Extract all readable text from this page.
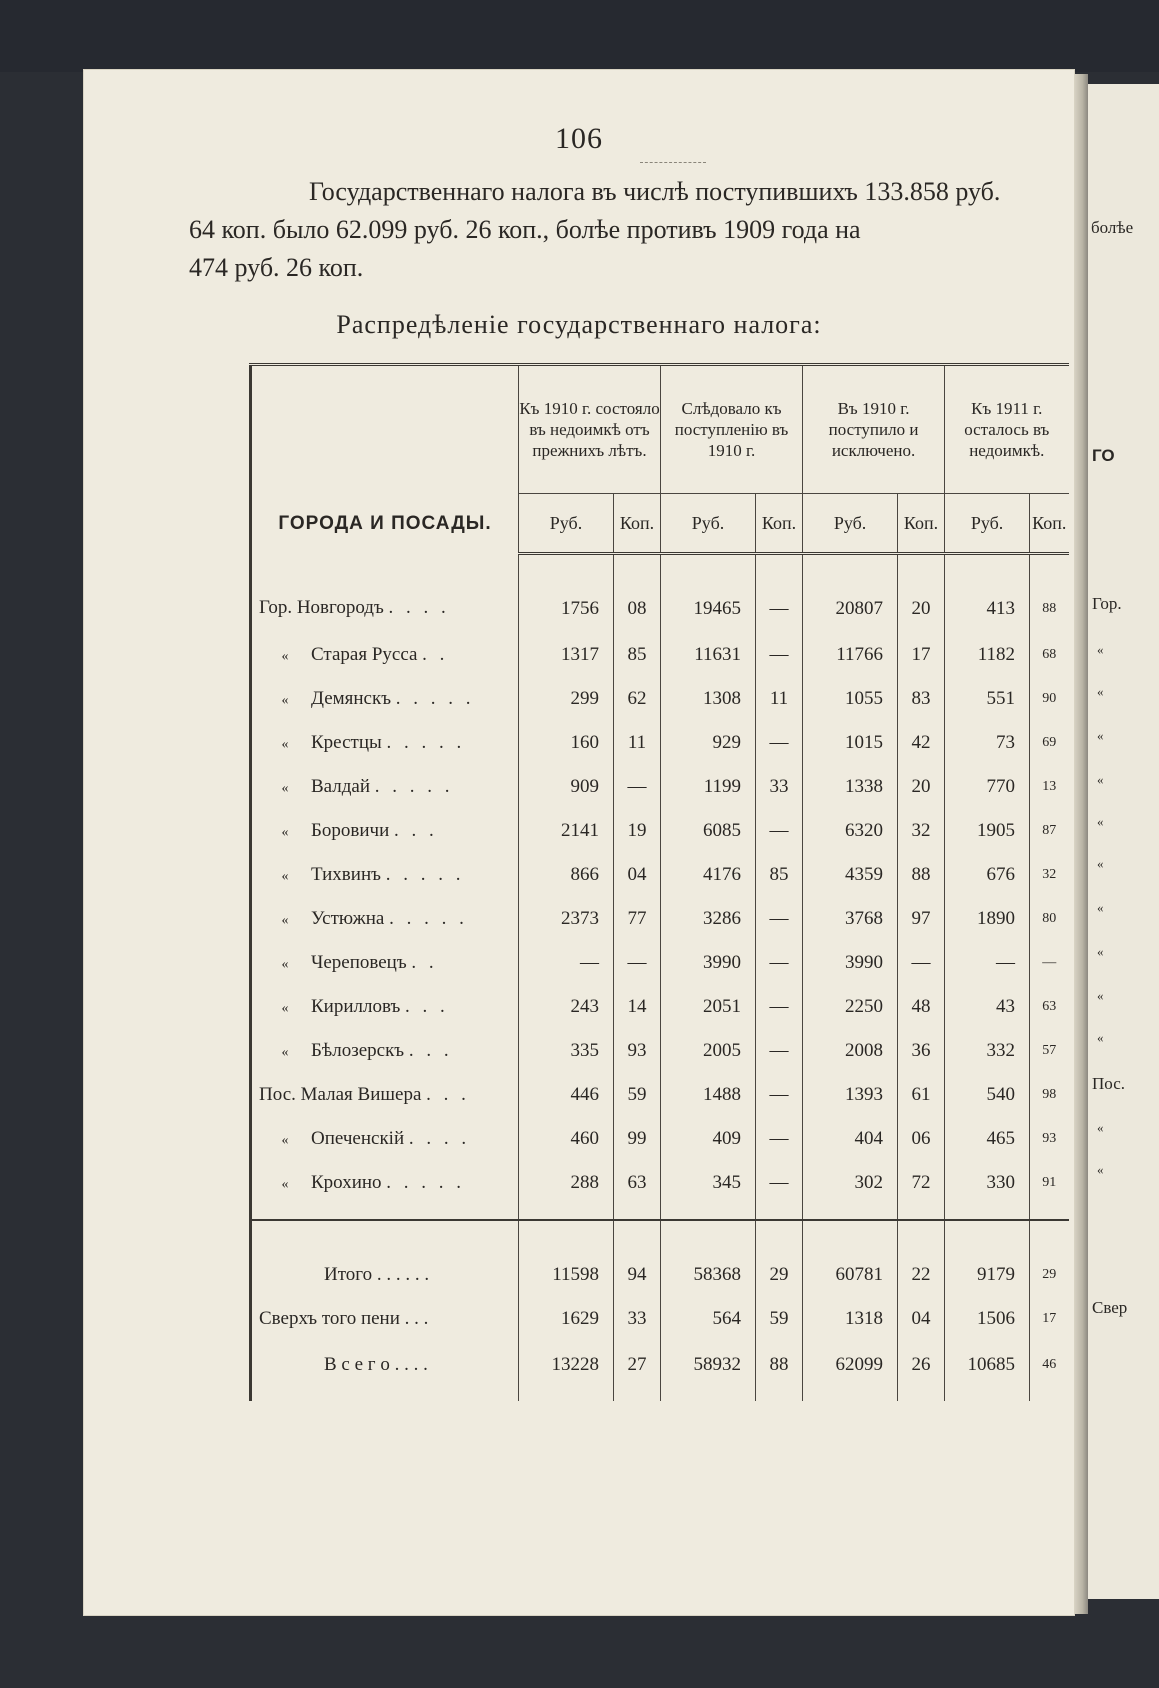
болѣе
ГО
Гор.
«
«
«
«
«
«
«
«
«
«
Пос.
«
«
Свер
106

Государственнаго налога въ числѣ поступившихъ 133.858 руб.
64 коп. было 62.099 руб. 26 коп., болѣе противъ 1909 года на
474 руб. 26 коп.

Распредѣленіе государственнаго налога:
ГОРОДА И ПОСАДЫ.	Къ 1910 г. состояло въ недоимкѣ отъ прежнихъ лѣтъ.		Слѣдовало къ поступленію въ 1910 г.		Въ 1910 г. поступило и исключено.		Къ 1911 г. осталось въ недоимкѣ.	
	Руб.	Коп.	Руб.	Коп.	Руб.	Коп.	Руб.	Коп.
Гор. Новгородъ . . . .	1756	08	19465	—	20807	20	413	88
« Старая Русса . .	1317	85	11631	—	11766	17	1182	68
« Демянскъ . . . . .	299	62	1308	11	1055	83	551	90
« Крестцы . . . . .	160	11	929	—	1015	42	73	69
« Валдай . . . . .	909	—	1199	33	1338	20	770	13
« Боровичи . . .	2141	19	6085	—	6320	32	1905	87
« Тихвинъ . . . . .	866	04	4176	85	4359	88	676	32
« Устюжна . . . . .	2373	77	3286	—	3768	97	1890	80
« Череповецъ . .	—	—	3990	—	3990	—	—	—
« Кирилловъ . . .	243	14	2051	—	2250	48	43	63
« Бѣлозерскъ . . .	335	93	2005	—	2008	36	332	57
Пос. Малая Вишера . . .	446	59	1488	—	1393	61	540	98
« Опеченскій . . . .	460	99	409	—	404	06	465	93
« Крохино . . . . .	288	63	345	—	302	72	330	91
Итого . . . . . .	11598	94	58368	29	60781	22	9179	29
Сверхъ того пени . . .	1629	33	564	59	1318	04	1506	17
В с е г о . . . .	13228	27	58932	88	62099	26	10685	46
